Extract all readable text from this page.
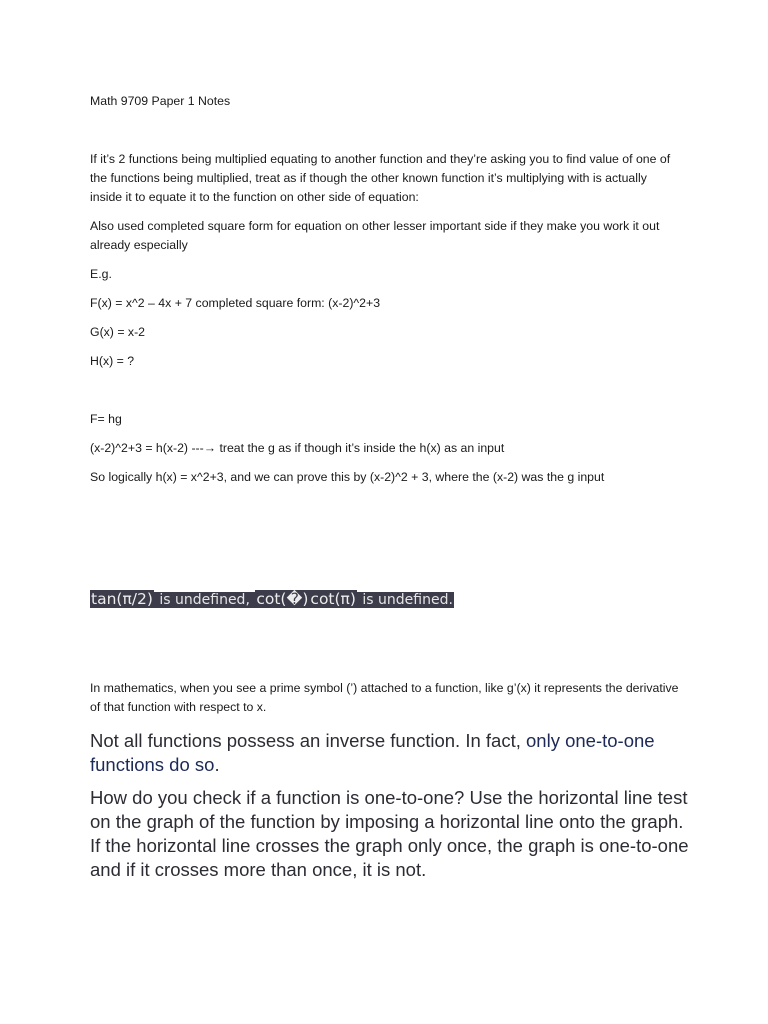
Math 9709 Paper 1 Notes

If it’s 2 functions being multiplied equating to another function and they’re asking you to find value of one of the functions being multiplied, treat as if though the other known function it’s multiplying with is actually inside it to equate it to the function on other side of equation:

Also used completed square form for equation on other lesser important side if they make you work it out already especially

E.g.

F(x) = x^2 – 4x + 7 completed square form: (x-2)^2+3

G(x) = x-2

H(x) = ?

F= hg

(x-2)^2+3 = h(x-2) ---→ treat the g as if though it’s inside the h(x) as an input

So logically h(x) = x^2+3, and we can prove this by (x-2)^2 + 3, where the (x-2) was the g input

tan(π/2) is undefined, cot(�) cot(π) is undefined.

In mathematics, when you see a prime symbol (’) attached to a function, like g’(x) it represents the derivative of that function with respect to x.

Not all functions possess an inverse function. In fact, only one-to-one functions do so.

How do you check if a function is one-to-one? Use the horizontal line test on the graph of the function by imposing a horizontal line onto the graph. If the horizontal line crosses the graph only once, the graph is one-to-one and if it crosses more than once, it is not.
